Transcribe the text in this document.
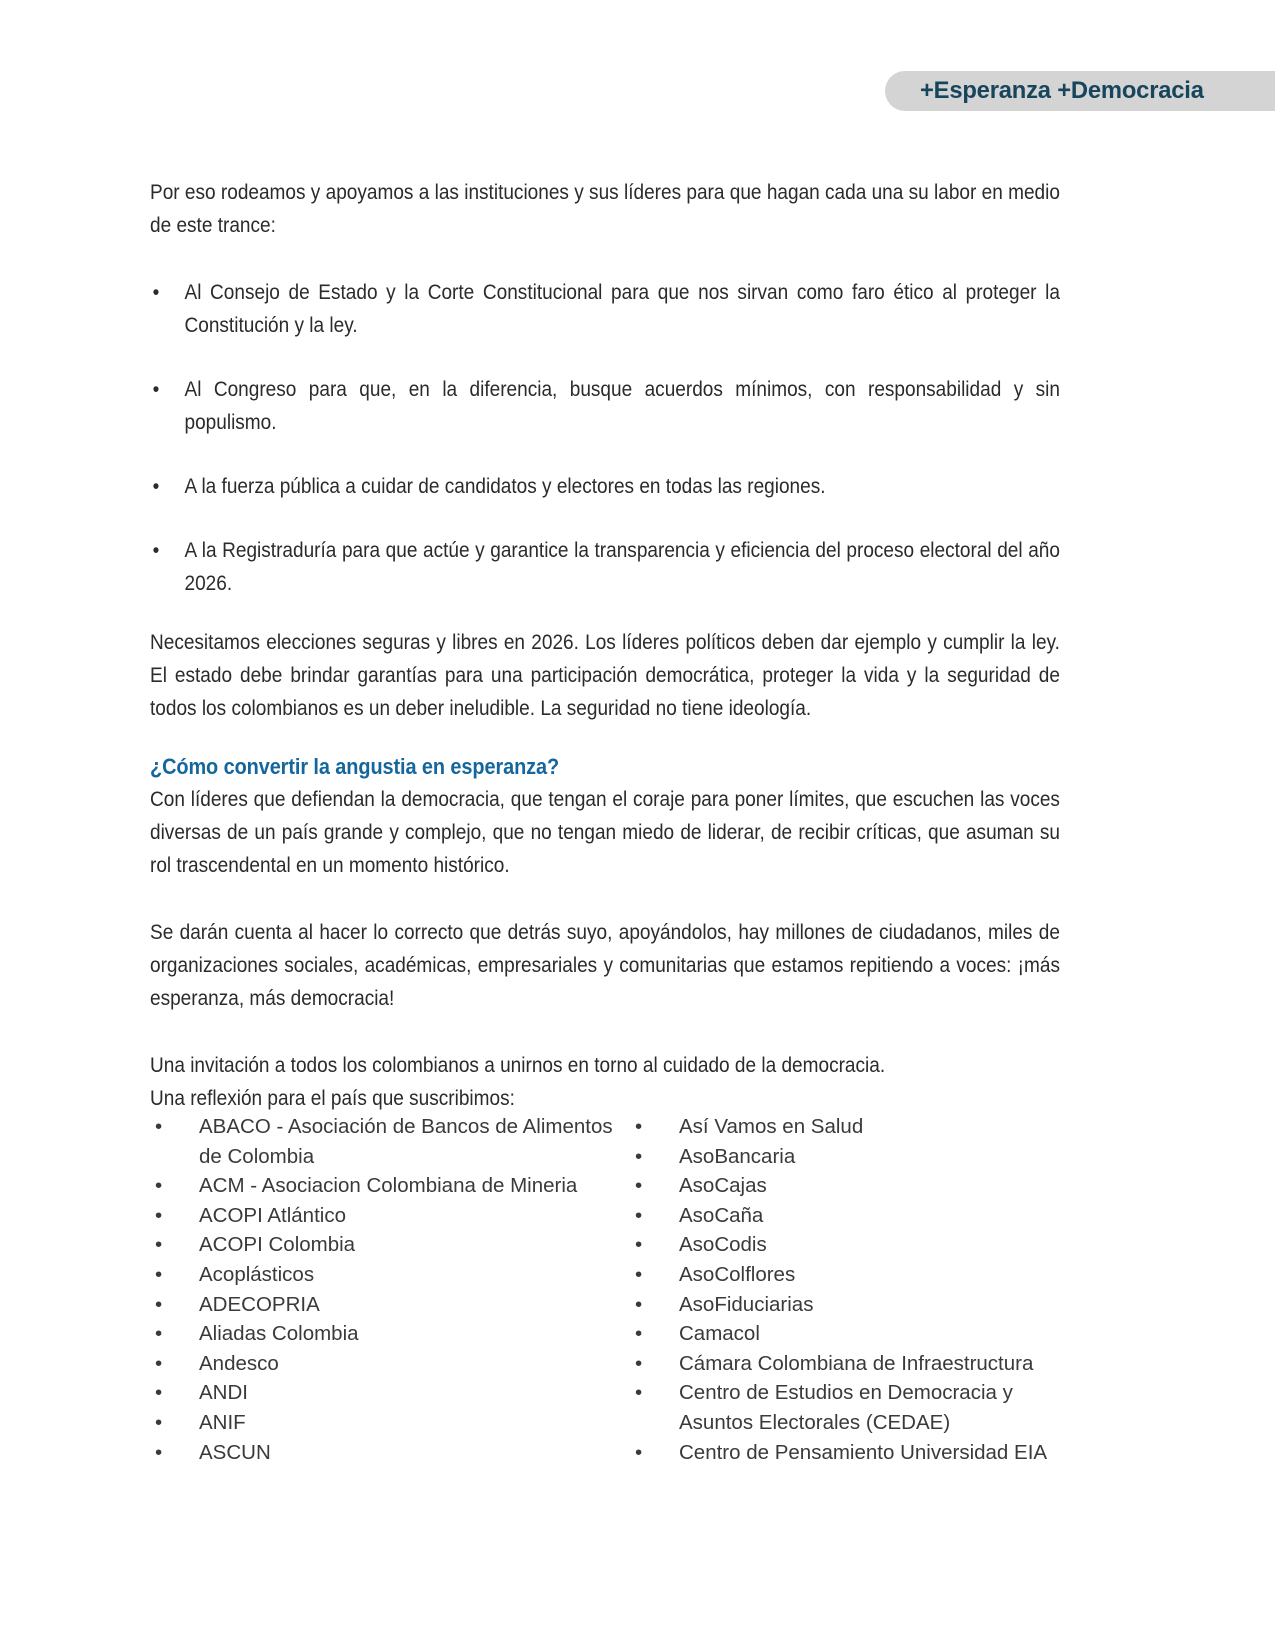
+Esperanza +Democracia

Por eso rodeamos y apoyamos a las instituciones y sus líderes para que hagan cada una su labor en medio de este trance:

• Al Consejo de Estado y la Corte Constitucional para que nos sirvan como faro ético al proteger la Constitución y la ley.
• Al Congreso para que, en la diferencia, busque acuerdos mínimos, con responsabilidad y sin populismo.
• A la fuerza pública a cuidar de candidatos y electores en todas las regiones.
• A la Registraduría para que actúe y garantice la transparencia y eficiencia del proceso electoral del año 2026.

Necesitamos elecciones seguras y libres en 2026. Los líderes políticos deben dar ejemplo y cumplir la ley. El estado debe brindar garantías para una participación democrática, proteger la vida y la seguridad de todos los colombianos es un deber ineludible. La seguridad no tiene ideología.

¿Cómo convertir la angustia en esperanza?

Con líderes que defiendan la democracia, que tengan el coraje para poner límites, que escuchen las voces diversas de un país grande y complejo, que no tengan miedo de liderar, de recibir críticas, que asuman su rol trascendental en un momento histórico.

Se darán cuenta al hacer lo correcto que detrás suyo, apoyándolos, hay millones de ciudadanos, miles de organizaciones sociales, académicas, empresariales y comunitarias que estamos repitiendo a voces: ¡más esperanza, más democracia!

Una invitación a todos los colombianos a unirnos en torno al cuidado de la democracia.

Una reflexión para el país que suscribimos:

• ABACO - Asociación de Bancos de Alimentos de Colombia
• ACM - Asociacion Colombiana de Mineria
• ACOPI Atlántico
• ACOPI Colombia
• Acoplásticos
• ADECOPRIA
• Aliadas Colombia
• Andesco
• ANDI
• ANIF
• ASCUN
• Así Vamos en Salud
• AsoBancaria
• AsoCajas
• AsoCaña
• AsoCodis
• AsoColflores
• AsoFiduciarias
• Camacol
• Cámara Colombiana de Infraestructura
• Centro de Estudios en Democracia y Asuntos Electorales (CEDAE)
• Centro de Pensamiento Universidad EIA
